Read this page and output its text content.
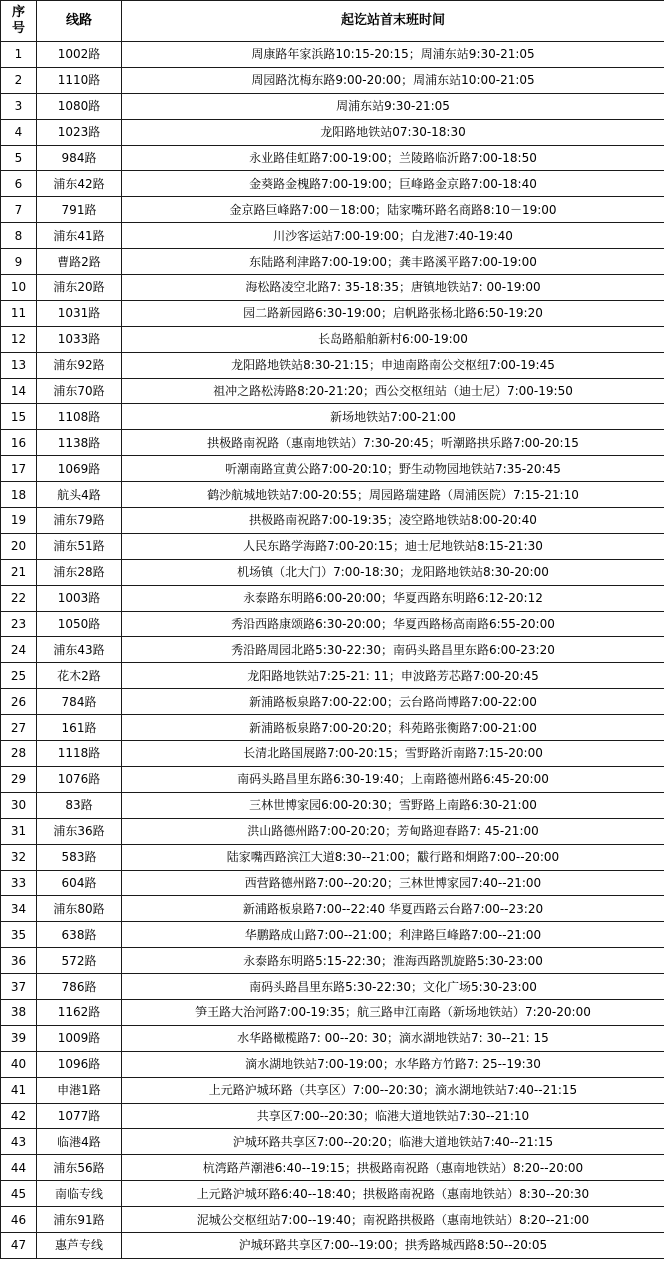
序
号	线路	起讫站首末班时间
1	1002路	周康路年家浜路10:15-20:15；周浦东站9:30-21:05
2	1110路	周园路沈梅东路9:00-20:00；周浦东站10:00-21:05
3	1080路	周浦东站9:30-21:05
4	1023路	龙阳路地铁站07:30-18:30
5	984路	永业路佳虹路7:00-19:00；兰陵路临沂路7:00-18:50
6	浦东42路	金葵路金槐路7:00-19:00；巨峰路金京路7:00-18:40
7	791路	金京路巨峰路7:00－18:00；陆家嘴环路名商路8:10－19:00
8	浦东41路	川沙客运站7:00-19:00；白龙港7:40-19:40
9	曹路2路	东陆路利津路7:00-19:00；龚丰路溪平路7:00-19:00
10	浦东20路	海松路凌空北路7: 35-18:35；唐镇地铁站7: 00-19:00
11	1031路	园二路新园路6:30-19:00；启帆路张杨北路6:50-19:20
12	1033路	长岛路船舶新村6:00-19:00
13	浦东92路	龙阳路地铁站8:30-21:15；申迪南路南公交枢纽7:00-19:45
14	浦东70路	祖冲之路松涛路8:20-21:20；西公交枢纽站（迪士尼）7:00-19:50
15	1108路	新场地铁站7:00-21:00
16	1138路	拱极路南祝路（惠南地铁站）7:30-20:45；听潮路拱乐路7:00-20:15
17	1069路	听潮南路宣黄公路7:00-20:10；野生动物园地铁站7:35-20:45
18	航头4路	鹤沙航城地铁站7:00-20:55；周园路瑞建路（周浦医院）7:15-21:10
19	浦东79路	拱极路南祝路7:00-19:35；凌空路地铁站8:00-20:40
20	浦东51路	人民东路学海路7:00-20:15；迪士尼地铁站8:15-21:30
21	浦东28路	机场镇（北大门）7:00-18:30；龙阳路地铁站8:30-20:00
22	1003路	永泰路东明路6:00-20:00；华夏西路东明路6:12-20:12
23	1050路	秀沿西路康颂路6:30-20:00；华夏西路杨高南路6:55-20:00
24	浦东43路	秀沿路周园北路5:30-22:30；南码头路昌里东路6:00-23:20
25	花木2路	龙阳路地铁站7:25-21: 11；申波路芳芯路7:00-20:45
26	784路	新浦路板泉路7:00-22:00；云台路尚博路7:00-22:00
27	161路	新浦路板泉路7:00-20:20；科苑路张衡路7:00-21:00
28	1118路	长清北路国展路7:00-20:15；雪野路沂南路7:15-20:00
29	1076路	南码头路昌里东路6:30-19:40；上南路德州路6:45-20:00
30	83路	三林世博家园6:00-20:30；雪野路上南路6:30-21:00
31	浦东36路	洪山路德州路7:00-20:20；芳甸路迎春路7: 45-21:00
32	583路	陆家嘴西路滨江大道8:30--21:00；黻行路和炯路7:00--20:00
33	604路	西营路德州路7:00--20:20；三林世博家园7:40--21:00
34	浦东80路	新浦路板泉路7:00--22:40 华夏西路云台路7:00--23:20
35	638路	华鹏路成山路7:00--21:00；利津路巨峰路7:00--21:00
36	572路	永泰路东明路5:15-22:30；淮海西路凯旋路5:30-23:00
37	786路	南码头路昌里东路5:30-22:30；文化广场5:30-23:00
38	1162路	笋王路大治河路7:00-19:35；航三路申江南路（新场地铁站）7:20-20:00
39	1009路	水华路橄榄路7: 00--20: 30；滴水湖地铁站7: 30--21: 15
40	1096路	滴水湖地铁站7:00-19:00；水华路方竹路7: 25--19:30
41	申港1路	上元路沪城环路（共享区）7:00--20:30；滴水湖地铁站7:40--21:15
42	1077路	共享区7:00--20:30；临港大道地铁站7:30--21:10
43	临港4路	沪城环路共享区7:00--20:20；临港大道地铁站7:40--21:15
44	浦东56路	杭湾路芦潮港6:40--19:15；拱极路南祝路（惠南地铁站）8:20--20:00
45	南临专线	上元路沪城环路6:40--18:40；拱极路南祝路（惠南地铁站）8:30--20:30
46	浦东91路	泥城公交枢纽站7:00--19:40；南祝路拱极路（惠南地铁站）8:20--21:00
47	惠芦专线	沪城环路共享区7:00--19:00；拱秀路城西路8:50--20:05
